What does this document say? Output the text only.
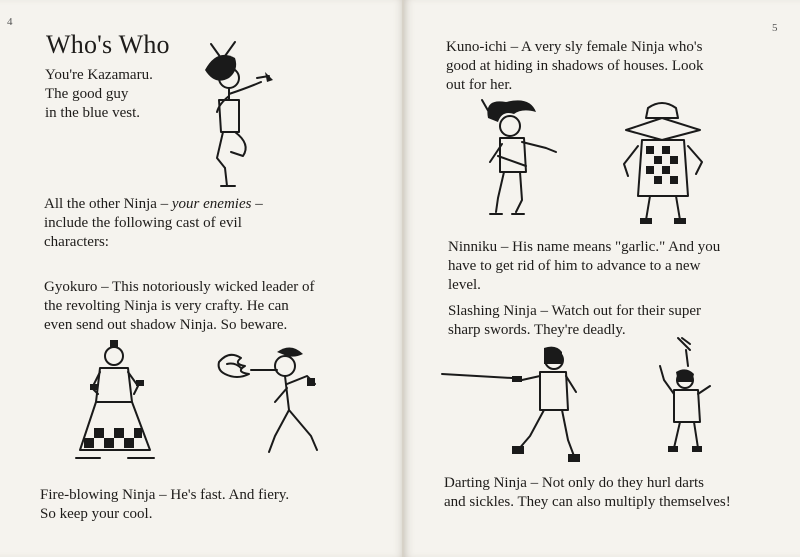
4
Who's Who
You're Kazamaru.
The good guy
in the blue vest.
All the other Ninja – your enemies –
include the following cast of evil
characters:
Gyokuro – This notoriously wicked leader of
the revolting Ninja is very crafty. He can
even send out shadow Ninja. So beware.
Fire-blowing Ninja – He's fast. And fiery.
So keep your cool.
5
Kuno-ichi – A very sly female Ninja who's
good at hiding in shadows of houses. Look
out for her.
Ninniku – His name means "garlic." And you
have to get rid of him to advance to a new
level.
Slashing Ninja – Watch out for their super
sharp swords. They're deadly.
Darting Ninja – Not only do they hurl darts
and sickles. They can also multiply themselves!
